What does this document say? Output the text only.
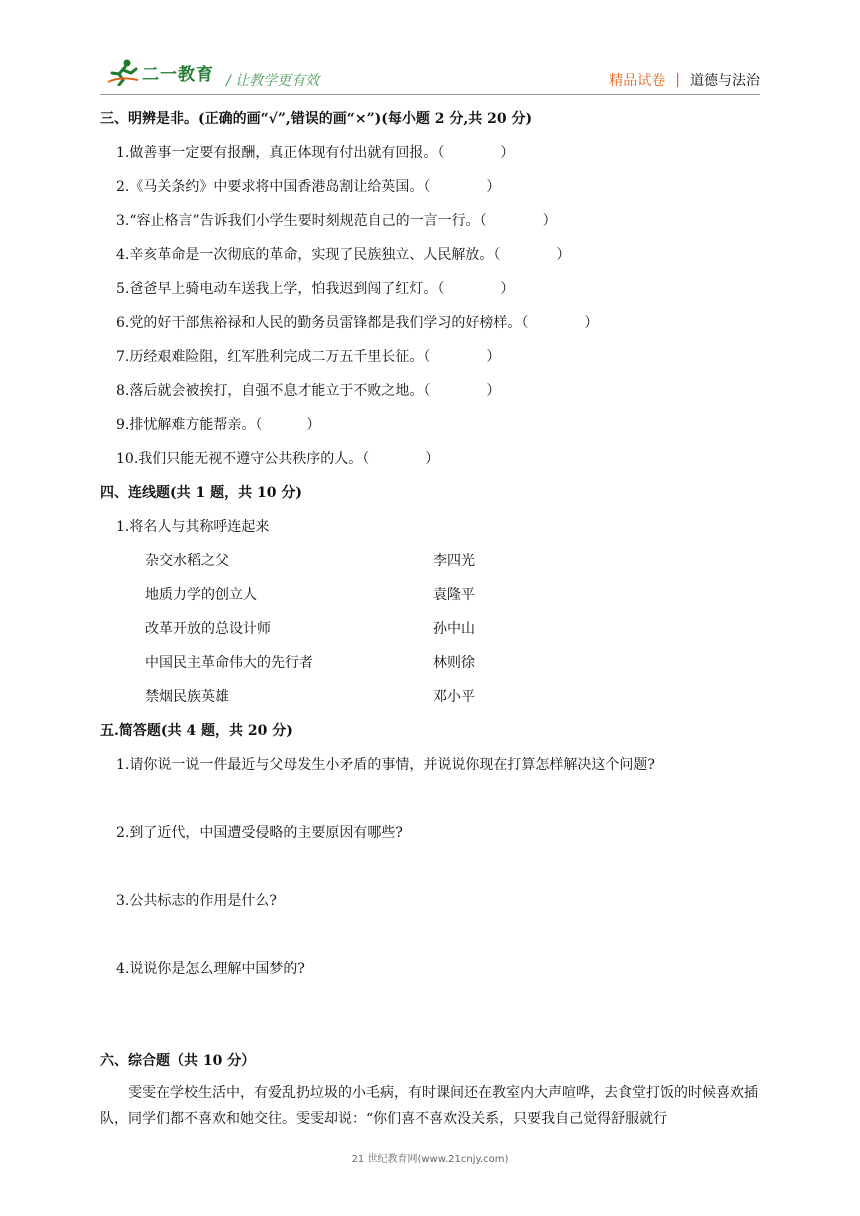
二一教育 / 让教学更有效	精品试卷 | 道德与法治
三、明辨是非。(正确的画“√”,错误的画“×”)(每小题 2 分,共 20 分)
1.做善事一定要有报酬，真正体现有付出就有回报。（	）
2.《马关条约》中要求将中国香港岛割让给英国。（	）
3.“容止格言”告诉我们小学生要时刻规范自己的一言一行。（	）
4.辛亥革命是一次彻底的革命，实现了民族独立、人民解放。（	）
5.爸爸早上骑电动车送我上学，怕我迟到闯了红灯。（	）
6.党的好干部焦裕禄和人民的勤务员雷锋都是我们学习的好榜样。（	）
7.历经艰难险阻，红军胜利完成二万五千里长征。（	）
8.落后就会被挨打，自强不息才能立于不败之地。（	）
9.排忧解难方能帮亲。（	）
10.我们只能无视不遵守公共秩序的人。（	）
四、连线题(共 1 题，共 10 分)
1.将名人与其称呼连起来
杂交水稻之父	李四光
地质力学的创立人	袁隆平
改革开放的总设计师	孙中山
中国民主革命伟大的先行者	林则徐
禁烟民族英雄	邓小平
五.简答题(共 4 题，共 20 分)
1.请你说一说一件最近与父母发生小矛盾的事情，并说说你现在打算怎样解决这个问题?
2.到了近代，中国遭受侵略的主要原因有哪些?
3.公共标志的作用是什么?
4.说说你是怎么理解中国梦的?
六、综合题（共 10 分）
雯雯在学校生活中，有爱乱扔垃圾的小毛病，有时课间还在教室内大声喧哗，去食堂打饭的时候喜欢插队，同学们都不喜欢和她交往。雯雯却说：“你们喜不喜欢没关系，只要我自己觉得舒服就行
21 世纪教育网(www.21cnjy.com)
